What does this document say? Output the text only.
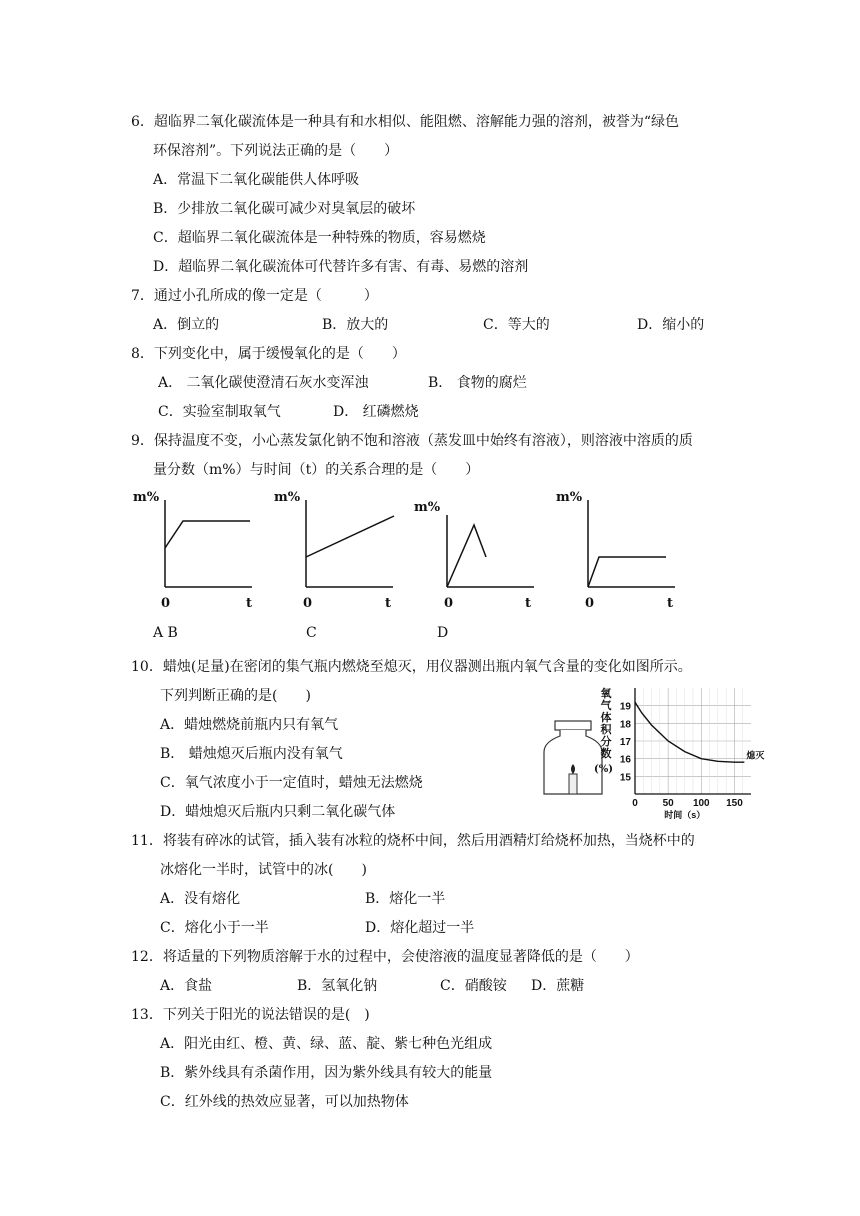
6．超临界二氧化碳流体是一种具有和水相似、能阻燃、溶解能力强的溶剂，被誉为“绿色
环保溶剂”。下列说法正确的是（　　）
A．常温下二氧化碳能供人体呼吸
B．少排放二氧化碳可减少对臭氧层的破坏
C．超临界二氧化碳流体是一种特殊的物质，容易燃烧
D．超临界二氧化碳流体可代替许多有害、有毒、易燃的溶剂
7．通过小孔所成的像一定是（　　　）
A．倒立的	B．放大的	C．等大的	D．缩小的
8．下列变化中，属于缓慢氧化的是（　　）
A． 二氧化碳使澄清石灰水变浑浊	B． 食物的腐烂
C．实验室制取氧气	D． 红磷燃烧
9．保持温度不变，小心蒸发氯化钠不饱和溶液（蒸发皿中始终有溶液），则溶液中溶质的质
量分数（m%）与时间（t）的关系合理的是（　　）
m%
0	t
m%
0	t
m%
0	t
m%
0	t
A B	C	D
10．蜡烛(足量)在密闭的集气瓶内燃烧至熄灭，用仪器测出瓶内氧气含量的变化如图所示。
下列判断正确的是(　　)
A．蜡烛燃烧前瓶内只有氧气
B． 蜡烛熄灭后瓶内没有氧气
C．氧气浓度小于一定值时，蜡烛无法燃烧
D．蜡烛熄灭后瓶内只剩二氧化碳气体
氧
气
体
积
分
数
(%)
19
18
17
16
15
0 50 100 150
时间（s）
熄灭
11．将装有碎冰的试管，插入装有冰粒的烧杯中间，然后用酒精灯给烧杯加热，当烧杯中的
冰熔化一半时，试管中的冰(　　)
A．没有熔化	B．熔化一半
C．熔化小于一半	D．熔化超过一半
12．将适量的下列物质溶解于水的过程中，会使溶液的温度显著降低的是（　　）
A．食盐	B．氢氧化钠	C．硝酸铵 D．蔗糖
13．下列关于阳光的说法错误的是(　)
A．阳光由红、橙、黄、绿、蓝、靛、紫七种色光组成
B．紫外线具有杀菌作用，因为紫外线具有较大的能量
C．红外线的热效应显著，可以加热物体
